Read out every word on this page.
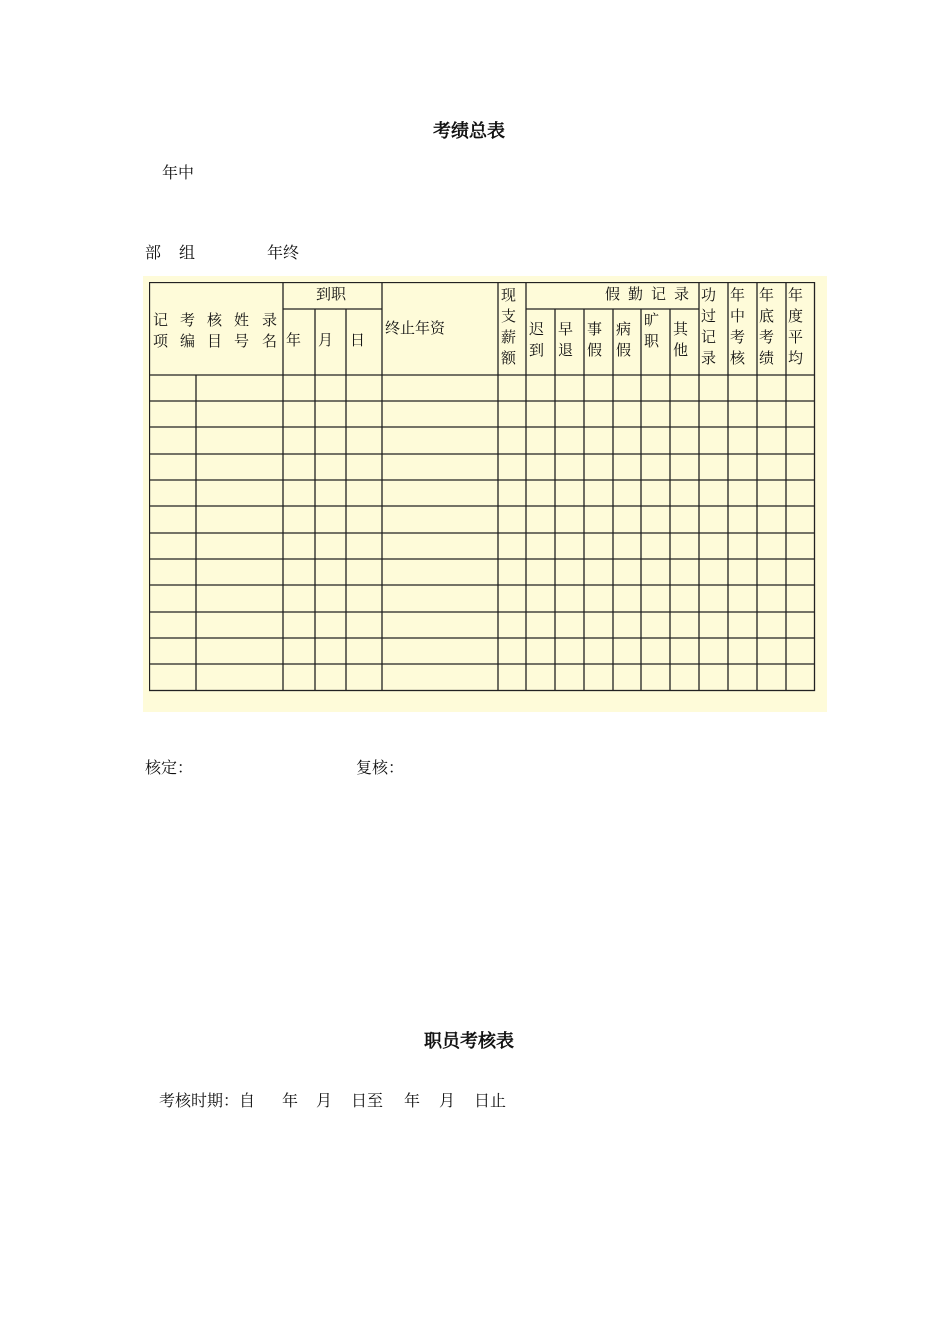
考绩总表
年中
部 组	年终
记
项
考
编
核
目
姓
号
录
名
到职
年 月 日
终止年资
现
支
薪
额
假勤记录
迟
到
早
退
事
假
病
假
旷
职
其
他
功
过
记
录
年
中
考
核
年
底
考
绩
年
度
平
均
核定：	复核：
职员考核表
考核时期：自 年 月 日至 年 月 日止
